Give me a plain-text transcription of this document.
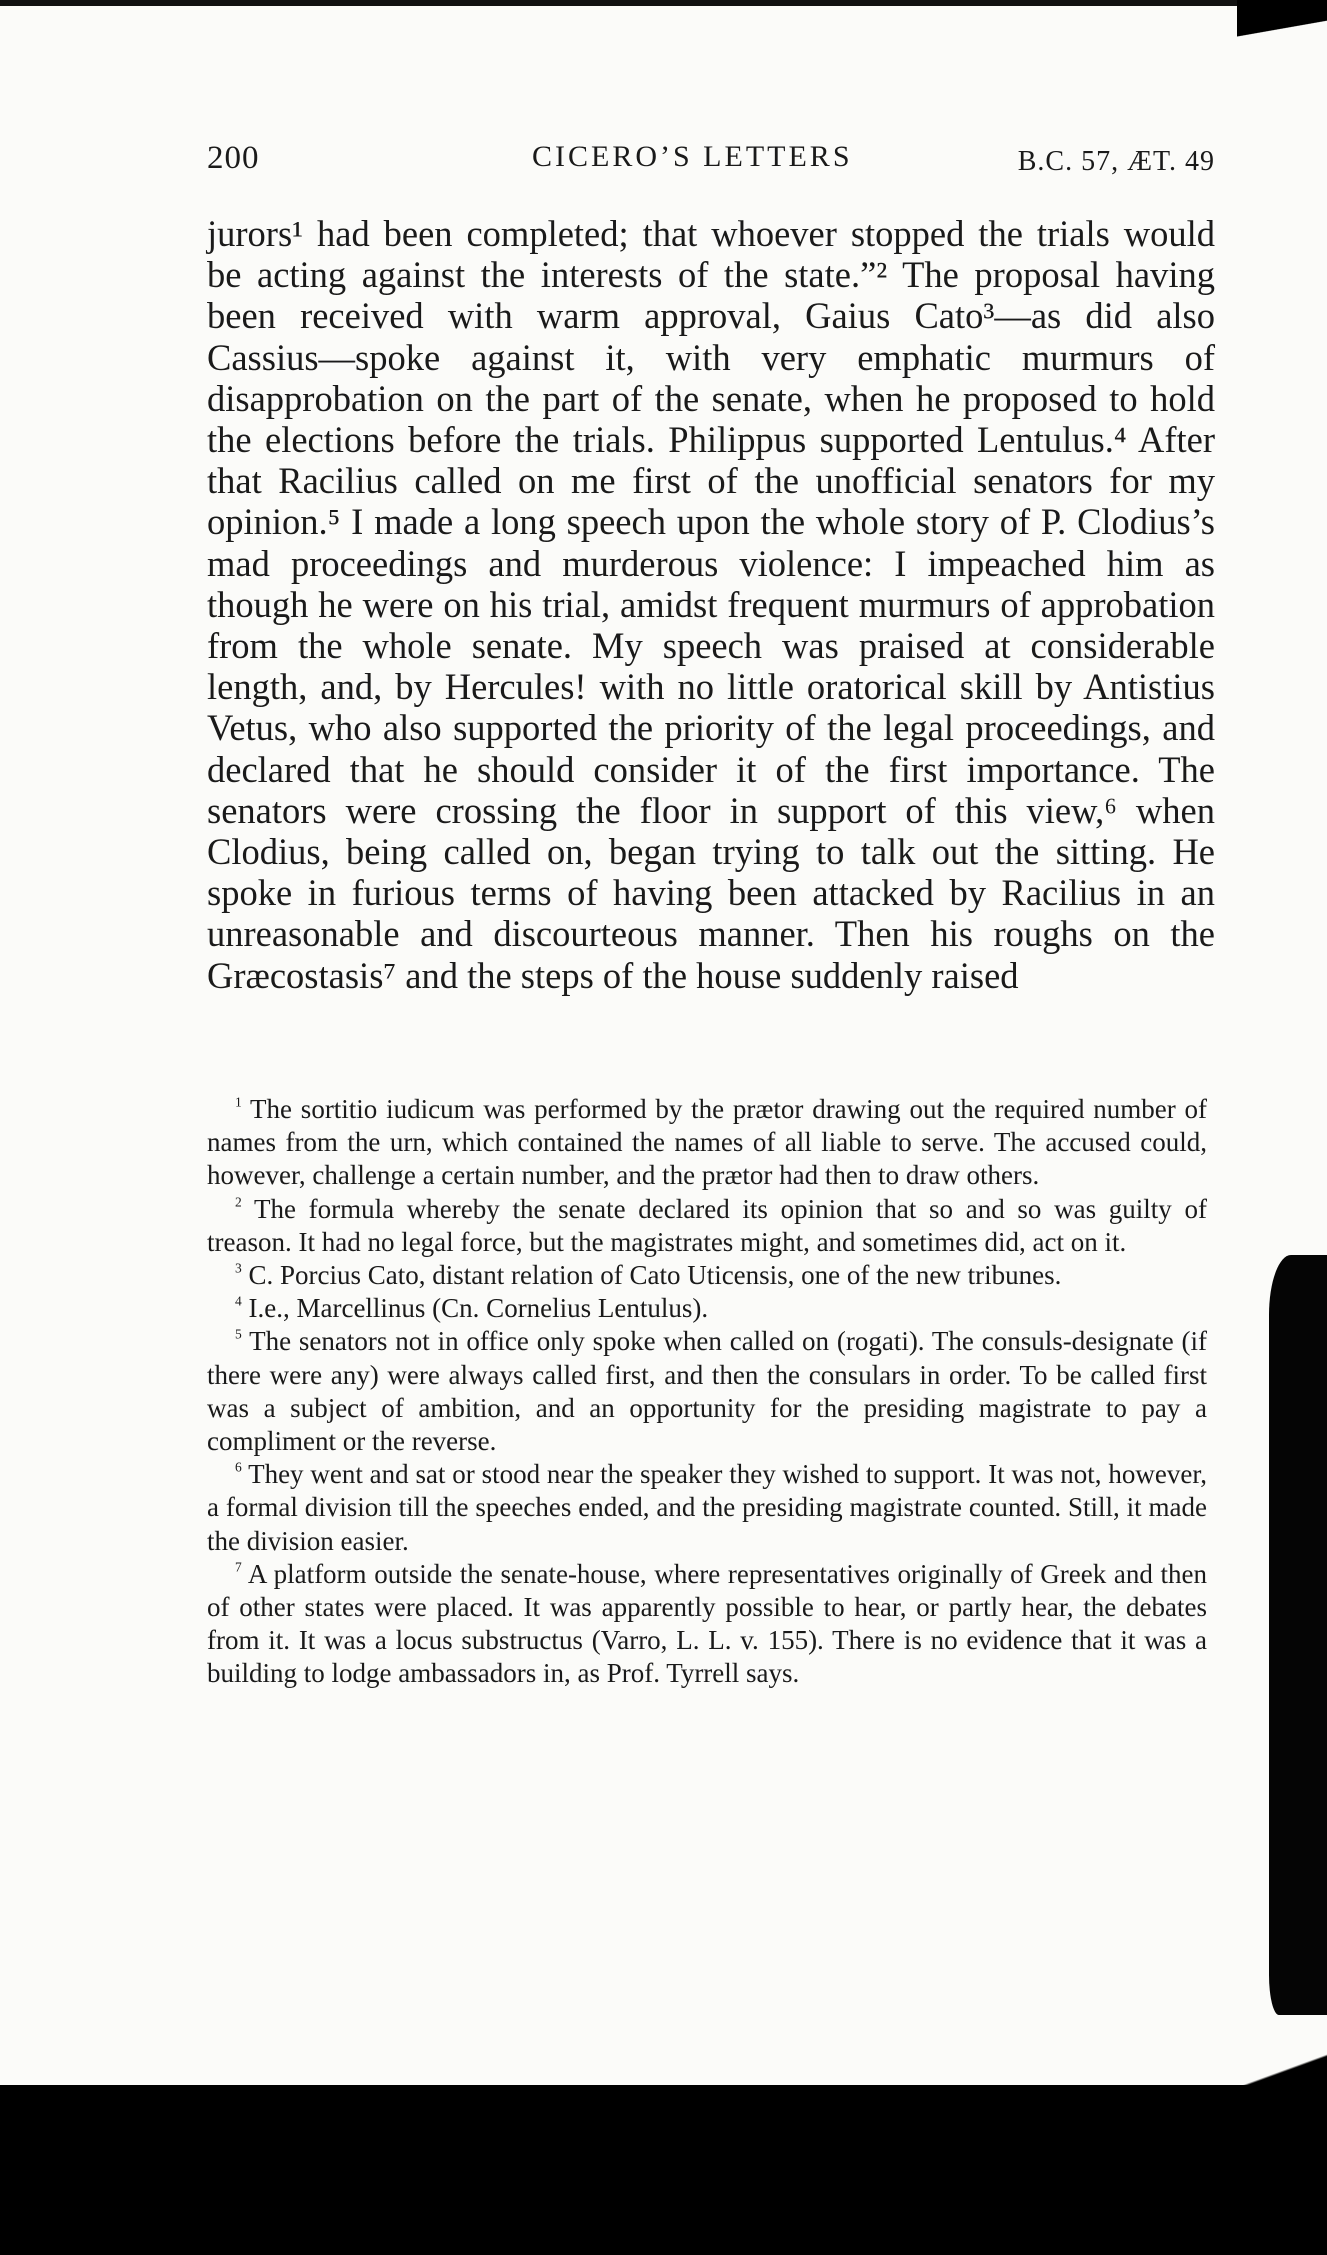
200	CICERO’S LETTERS	B.C. 57, ÆT. 49

jurors¹ had been completed; that whoever stopped the trials would be acting against the interests of the state.”² The proposal having been received with warm approval, Gaius Cato³—as did also Cassius—spoke against it, with very emphatic murmurs of disapprobation on the part of the senate, when he proposed to hold the elections before the trials. Philippus supported Lentulus.⁴ After that Racilius called on me first of the unofficial senators for my opinion.⁵ I made a long speech upon the whole story of P. Clodius’s mad proceedings and murderous violence: I impeached him as though he were on his trial, amidst frequent murmurs of approbation from the whole senate. My speech was praised at considerable length, and, by Hercules! with no little oratorical skill by Antistius Vetus, who also supported the priority of the legal proceedings, and declared that he should consider it of the first importance. The senators were crossing the floor in support of this view,⁶ when Clodius, being called on, began trying to talk out the sitting. He spoke in furious terms of having been attacked by Racilius in an unreasonable and discourteous manner. Then his roughs on the Græcostasis⁷ and the steps of the house suddenly raised

$^1$ The sortitio iudicum was performed by the prætor drawing out the required number of names from the urn, which contained the names of all liable to serve. The accused could, however, challenge a certain number, and the prætor had then to draw others.

$^2$ The formula whereby the senate declared its opinion that so and so was guilty of treason. It had no legal force, but the magistrates might, and sometimes did, act on it.

$^3$ C. Porcius Cato, distant relation of Cato Uticensis, one of the new tribunes.

$^4$ I.e., Marcellinus (Cn. Cornelius Lentulus).

$^5$ The senators not in office only spoke when called on (rogati). The consuls-designate (if there were any) were always called first, and then the consulars in order. To be called first was a subject of ambition, and an opportunity for the presiding magistrate to pay a compliment or the reverse.

$^6$ They went and sat or stood near the speaker they wished to support. It was not, however, a formal division till the speeches ended, and the presiding magistrate counted. Still, it made the division easier.

$^7$ A platform outside the senate-house, where representatives originally of Greek and then of other states were placed. It was apparently possible to hear, or partly hear, the debates from it. It was a locus substructus (Varro, L. L. v. 155). There is no evidence that it was a building to lodge ambassadors in, as Prof. Tyrrell says.
